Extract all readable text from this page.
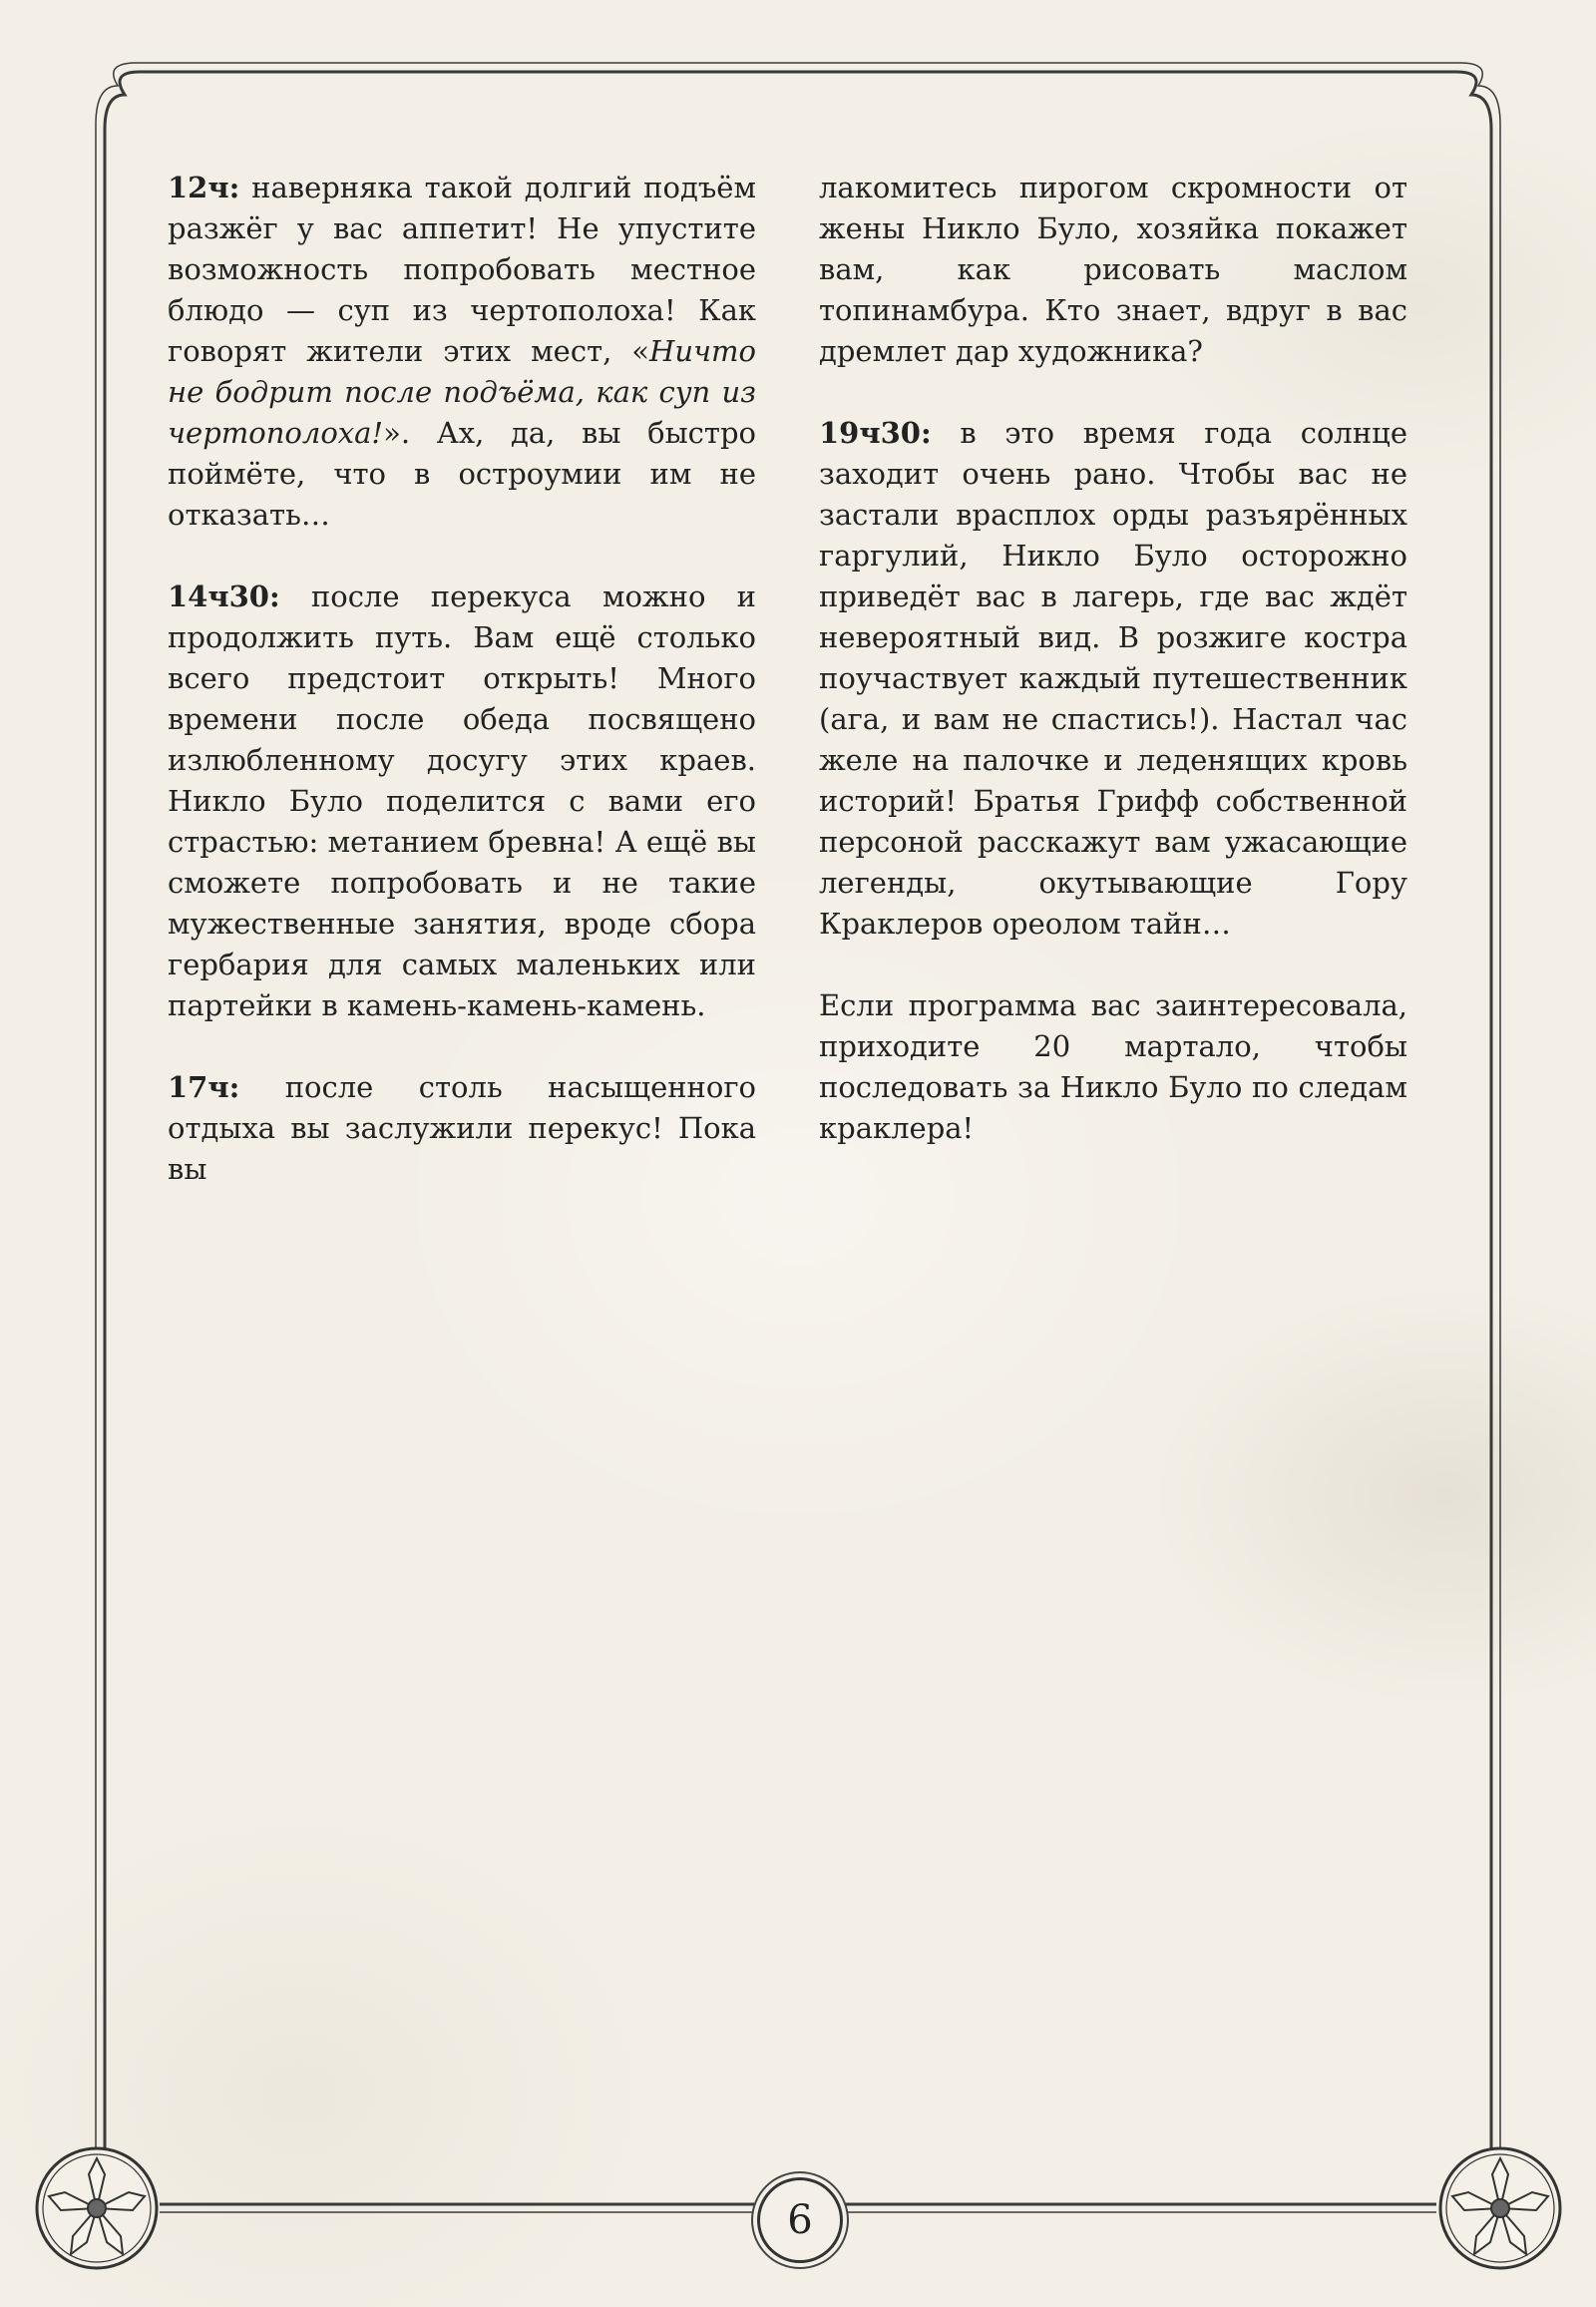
12ч: наверняка такой долгий подъём разжёг у вас аппетит! Не упустите возможность попробовать местное блюдо — суп из чертополоха! Как говорят жители этих мест, «Ничто не бодрит после подъёма, как суп из чертополоха!». Ах, да, вы быстро поймёте, что в остроумии им не отказать…

14ч30: после перекуса можно и продолжить путь. Вам ещё столько всего предстоит открыть! Много времени после обеда посвящено излюбленному досугу этих краев. Никло Було поделится с вами его страстью: метанием бревна! А ещё вы сможете попробовать и не такие мужественные занятия, вроде сбора гербария для самых маленьких или партейки в камень-камень-камень.

17ч: после столь насыщенного отдыха вы заслужили перекус! Пока вы

лакомитесь пирогом скромности от жены Никло Було, хозяйка покажет вам, как рисовать маслом топинамбура. Кто знает, вдруг в вас дремлет дар художника?

19ч30: в это время года солнце заходит очень рано. Чтобы вас не застали врасплох орды разъярённых гаргулий, Никло Було осторожно приведёт вас в лагерь, где вас ждёт невероятный вид. В розжиге костра поучаствует каждый путешественник (ага, и вам не спастись!). Настал час желе на палочке и леденящих кровь историй! Братья Грифф собственной персоной расскажут вам ужасающие легенды, окутывающие Гору Краклеров ореолом тайн…

Если программа вас заинтересовала, приходите 20 мартало, чтобы последовать за Никло Було по следам краклера!

6
